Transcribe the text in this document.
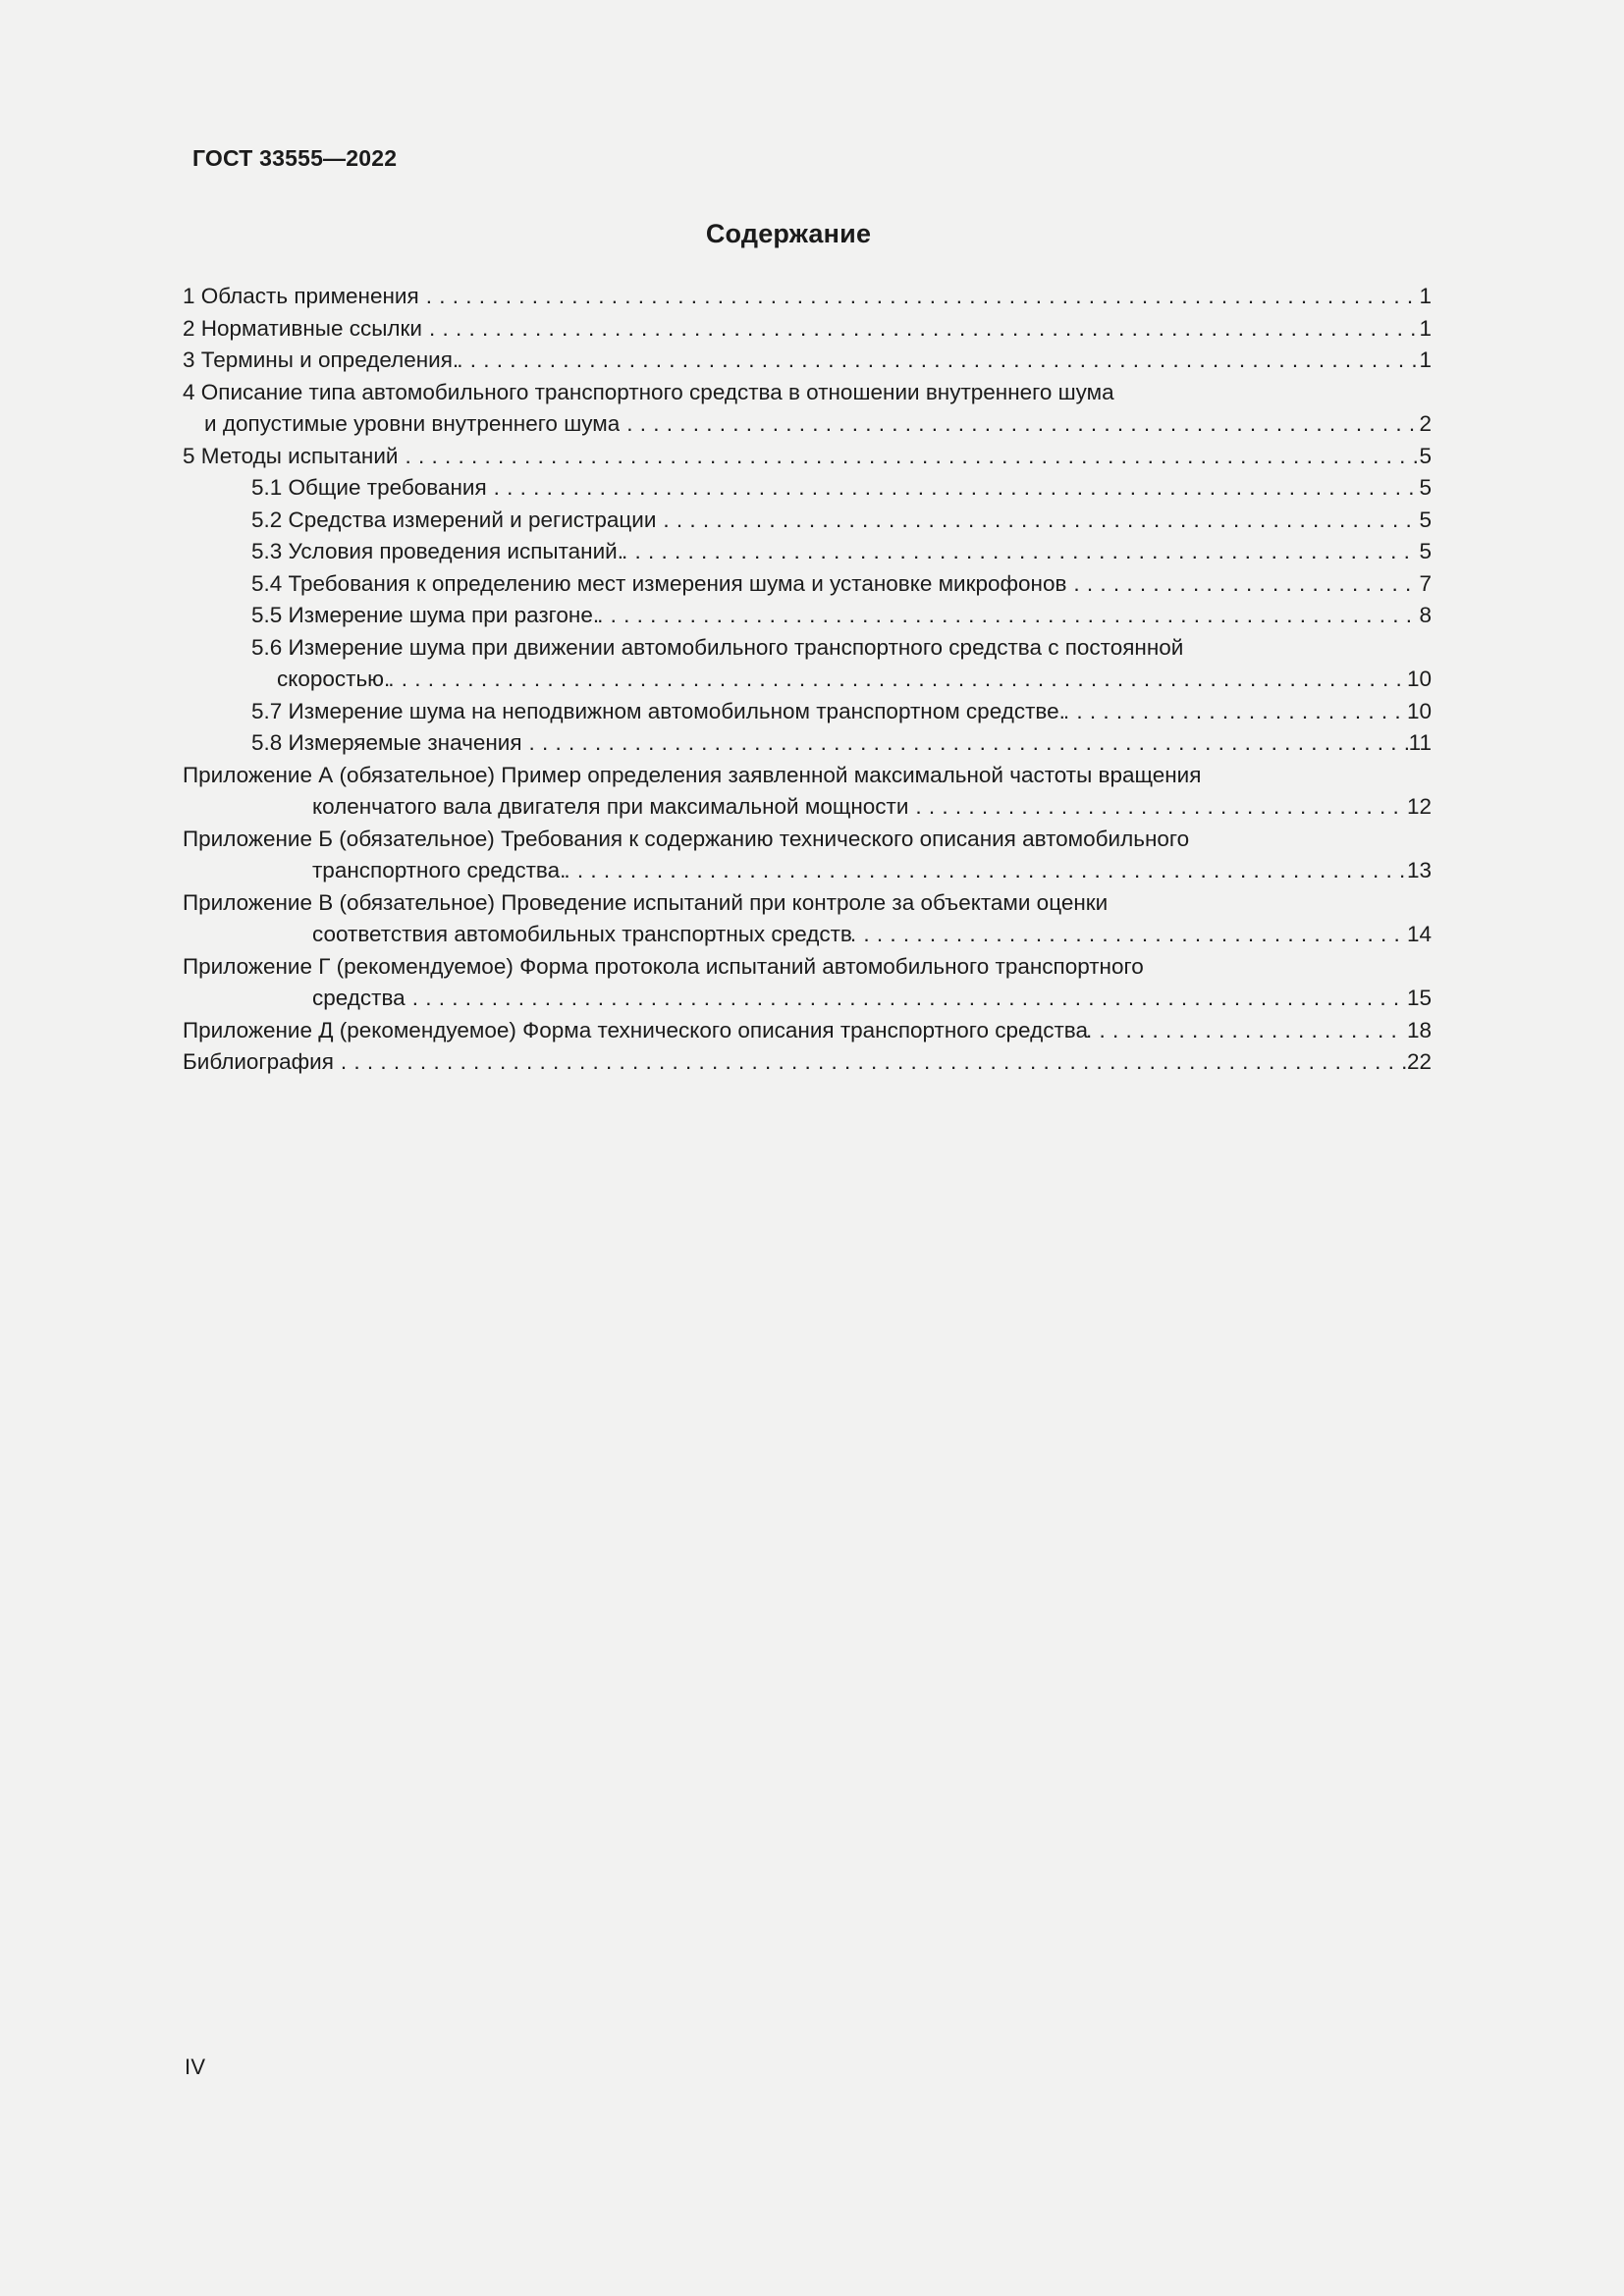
ГОСТ 33555—2022
Содержание
1 Область применения . . .	1
2 Нормативные ссылки . . .	1
3 Термины и определения. . . .	1
4 Описание типа автомобильного транспортного средства в отношении внутреннего шума
и допустимые уровни внутреннего шума . . .	2
5 Методы испытаний . . .	5
5.1 Общие требования . . .	5
5.2 Средства измерений и регистрации . . .	5
5.3 Условия проведения испытаний. . . .	5
5.4 Требования к определению мест измерения шума и установке микрофонов . . .	7
5.5 Измерение шума при разгоне. . . .	8
5.6 Измерение шума при движении автомобильного транспортного средства с постоянной
скоростью. . . .	10
5.7 Измерение шума на неподвижном автомобильном транспортном средстве. . . .	10
5.8 Измеряемые значения . . .	11
Приложение А (обязательное) Пример определения заявленной максимальной частоты вращения
коленчатого вала двигателя при максимальной мощности . . .	12
Приложение Б (обязательное) Требования к содержанию технического описания автомобильного
транспортного средства. . . .	13
Приложение В (обязательное) Проведение испытаний при контроле за объектами оценки
соответствия автомобильных транспортных средств . . .	14
Приложение Г (рекомендуемое) Форма протокола испытаний автомобильного транспортного
средства . . .	15
Приложение Д (рекомендуемое) Форма технического описания транспортного средства . . .	18
Библиография . . .	22
IV
